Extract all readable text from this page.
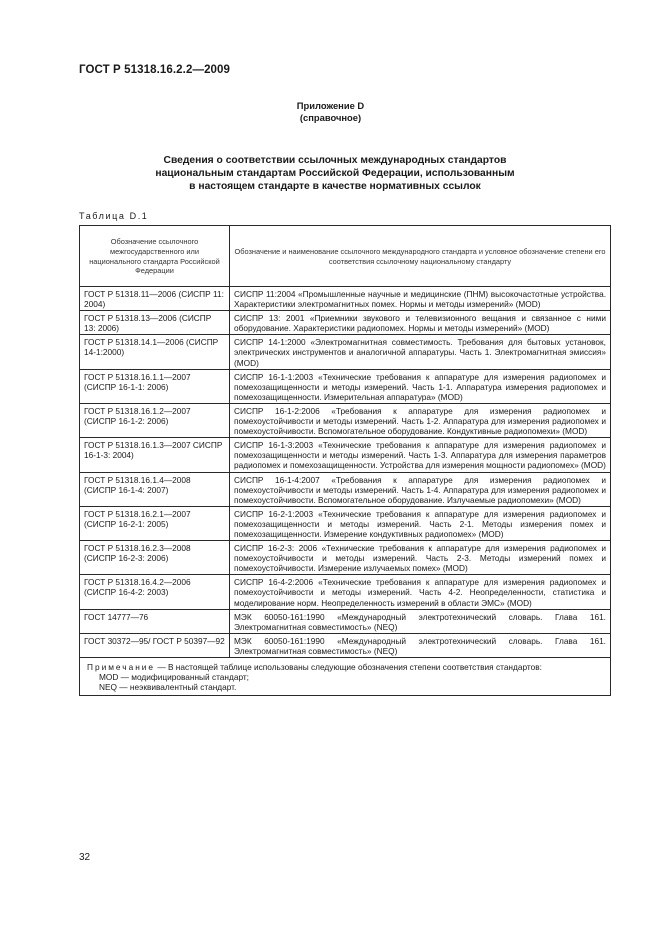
ГОСТ Р 51318.16.2.2—2009
Приложение D
(справочное)
Сведения о соответствии ссылочных международных стандартов
национальным стандартам Российской Федерации, использованным
в настоящем стандарте в качестве нормативных ссылок
Таблица D.1
Обозначение ссылочного межгосударственного или национального стандарта Российской Федерации	Обозначение и наименование ссылочного международного стандарта и условное обозначение степени его соответствия ссылочному национальному стандарту
ГОСТ Р 51318.11—2006 (СИСПР 11: 2004)	СИСПР 11:2004 «Промышленные научные и медицинские (ПНМ) высокочастотные устройства. Характеристики электромагнитных помех. Нормы и методы измерений» (MOD)
ГОСТ Р 51318.13—2006 (СИСПР 13: 2006)	СИСПР 13: 2001 «Приемники звукового и телевизионного вещания и связанное с ними оборудование. Характеристики радиопомех. Нормы и методы измерений» (MOD)
ГОСТ Р 51318.14.1—2006 (СИСПР 14-1:2000)	СИСПР 14-1:2000 «Электромагнитная совместимость. Требования для бытовых установок, электрических инструментов и аналогичной аппаратуры. Часть 1. Электромагнитная эмиссия» (MOD)
ГОСТ Р 51318.16.1.1—2007 (СИСПР 16-1-1: 2006)	СИСПР 16-1-1:2003 «Технические требования к аппаратуре для измерения радиопомех и помехозащищенности и методы измерений. Часть 1-1. Аппаратура измерения радиопомех и помехозащищенности. Измерительная аппаратура» (MOD)
ГОСТ Р 51318.16.1.2—2007 (СИСПР 16-1-2: 2006)	СИСПР 16-1-2:2006 «Требования к аппаратуре для измерения радиопомех и помехоустойчивости и методы измерений. Часть 1-2. Аппаратура для измерения радиопомех и помехоустойчивости. Вспомогательное оборудование. Кондуктивные радиопомехи» (MOD)
ГОСТ Р 51318.16.1.3—2007 СИСПР 16-1-3: 2004)	СИСПР 16-1-3:2003 «Технические требования к аппаратуре для измерения радиопомех и помехозащищенности и методы измерений. Часть 1-3. Аппаратура для измерения параметров радиопомех и помехозащищенности. Устройства для измерения мощности радиопомех» (MOD)
ГОСТ Р 51318.16.1.4—2008 (СИСПР 16-1-4: 2007)	СИСПР 16-1-4:2007 «Требования к аппаратуре для измерения радиопомех и помехоустойчивости и методы измерений. Часть 1-4. Аппаратура для измерения радиопомех и помехоустойчивости. Вспомогательное оборудование. Излучаемые радиопомехи» (MOD)
ГОСТ Р 51318.16.2.1—2007 (СИСПР 16-2-1: 2005)	СИСПР 16-2-1:2003 «Технические требования к аппаратуре для измерения радиопомех и помехозащищенности и методы измерений. Часть 2-1. Методы измерения помех и помехозащищенности. Измерение кондуктивных радиопомех» (MOD)
ГОСТ Р 51318.16.2.3—2008 (СИСПР 16-2-3: 2006)	СИСПР 16-2-3: 2006 «Технические требования к аппаратуре для измерения радиопомех и помехоустойчивости и методы измерений. Часть 2-3. Методы измерений помех и помехоустойчивости. Измерение излучаемых помех» (MOD)
ГОСТ Р 51318.16.4.2—2006 (СИСПР 16-4-2: 2003)	СИСПР 16-4-2:2006 «Технические требования к аппаратуре для измерения радиопомех и помехоустойчивости и методы измерений. Часть 4-2. Неопределенности, статистика и моделирование норм. Неопределенность измерений в области ЭМС» (MOD)
ГОСТ 14777—76	МЭК 60050-161:1990 «Международный электротехнический словарь. Глава 161. Электромагнитная совместимость» (NEQ)
ГОСТ 30372—95/ ГОСТ Р 50397—92	МЭК 60050-161:1990 «Международный электротехнический словарь. Глава 161. Электромагнитная совместимость» (NEQ)
Примечание — В настоящей таблице использованы следующие обозначения степени соответствия стандартов:
MOD — модифицированный стандарт;
NEQ — неэквивалентный стандарт.	
32
